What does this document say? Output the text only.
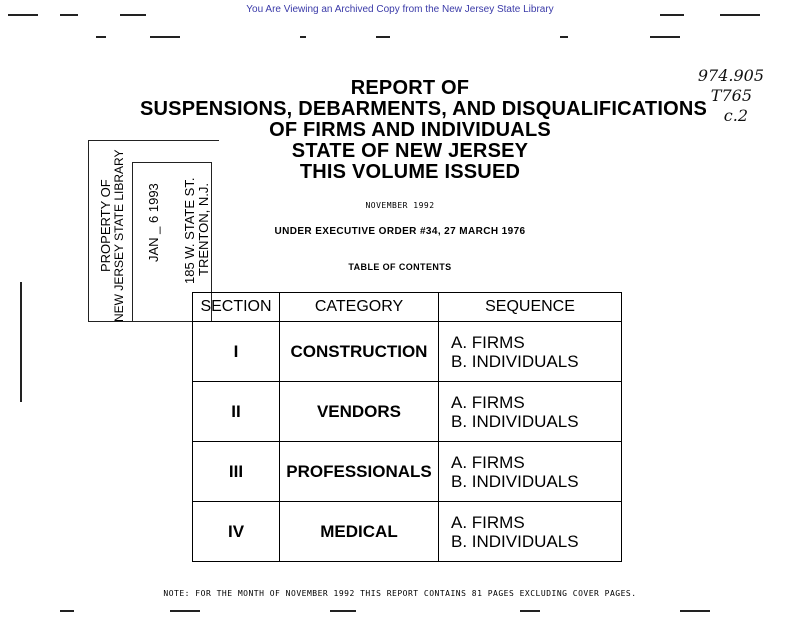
You Are Viewing an Archived Copy from the New Jersey State Library
974.905
T765
c.2
REPORT OF
SUSPENSIONS, DEBARMENTS, AND DISQUALIFICATIONS
OF FIRMS AND INDIVIDUALS
STATE OF NEW JERSEY
THIS VOLUME ISSUED
NOVEMBER 1992
UNDER EXECUTIVE ORDER #34, 27 MARCH 1976
TABLE OF CONTENTS
PROPERTY OF NEW JERSEY STATE LIBRARY JAN _ 6 1993 185 W. STATE ST. TRENTON, N.J.
SECTION	CATEGORY	SEQUENCE
I	CONSTRUCTION	A. FIRMS
B. INDIVIDUALS

II	VENDORS	A. FIRMS
B. INDIVIDUALS

III	PROFESSIONALS	A. FIRMS
B. INDIVIDUALS

IV	MEDICAL	A. FIRMS
B. INDIVIDUALS
NOTE: FOR THE MONTH OF NOVEMBER 1992 THIS REPORT CONTAINS 81 PAGES EXCLUDING COVER PAGES.
